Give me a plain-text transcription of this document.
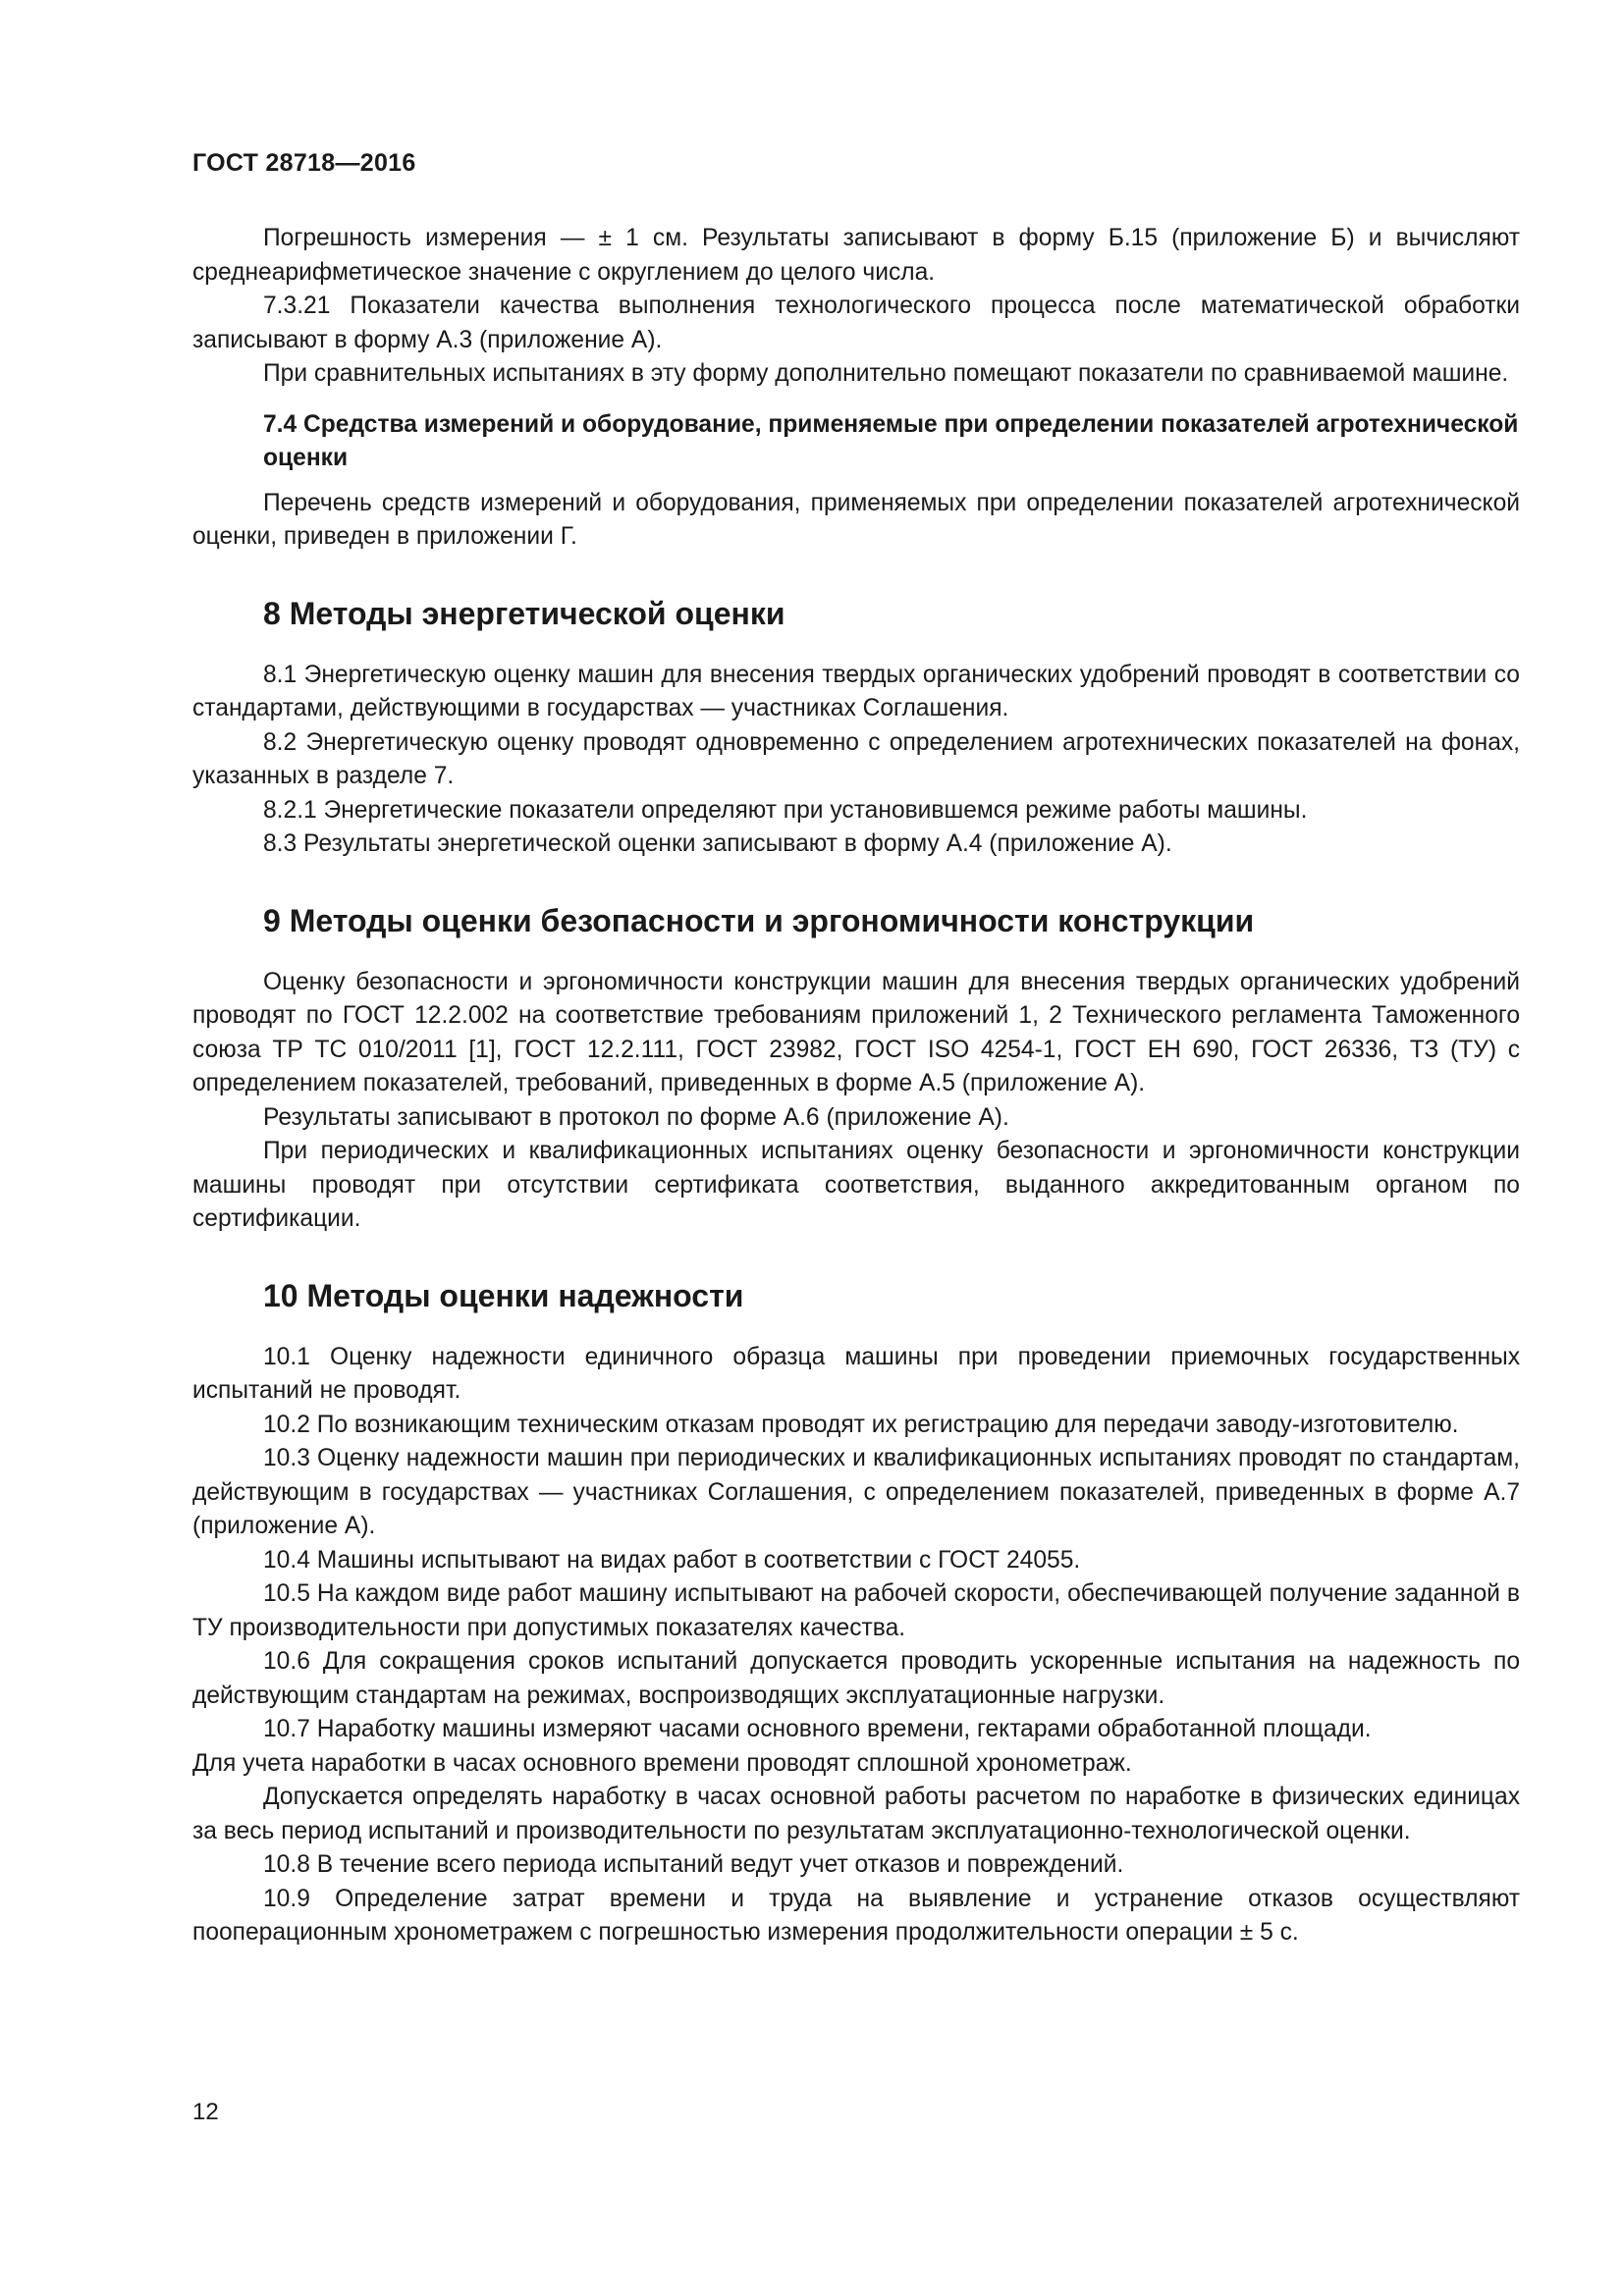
ГОСТ 28718—2016

Погрешность измерения — ± 1 см. Результаты записывают в форму Б.15 (приложение Б) и вычисляют среднеарифметическое значение с округлением до целого числа.

7.3.21 Показатели качества выполнения технологического процесса после математической обработки записывают в форму А.3 (приложение А).

При сравнительных испытаниях в эту форму дополнительно помещают показатели по сравниваемой машине.

7.4 Средства измерений и оборудование, применяемые при определении показателей агротехнической оценки

Перечень средств измерений и оборудования, применяемых при определении показателей агротехнической оценки, приведен в приложении Г.

8 Методы энергетической оценки

8.1 Энергетическую оценку машин для внесения твердых органических удобрений проводят в соответствии со стандартами, действующими в государствах — участниках Соглашения.

8.2 Энергетическую оценку проводят одновременно с определением агротехнических показателей на фонах, указанных в разделе 7.

8.2.1 Энергетические показатели определяют при установившемся режиме работы машины.

8.3 Результаты энергетической оценки записывают в форму А.4 (приложение А).

9 Методы оценки безопасности и эргономичности конструкции

Оценку безопасности и эргономичности конструкции машин для внесения твердых органических удобрений проводят по ГОСТ 12.2.002 на соответствие требованиям приложений 1, 2 Технического регламента Таможенного союза ТР ТС 010/2011 [1], ГОСТ 12.2.111, ГОСТ 23982, ГОСТ ISO 4254-1, ГОСТ EH 690, ГОСТ 26336, ТЗ (ТУ) с определением показателей, требований, приведенных в форме А.5 (приложение А).

Результаты записывают в протокол по форме А.6 (приложение А).

При периодических и квалификационных испытаниях оценку безопасности и эргономичности конструкции машины проводят при отсутствии сертификата соответствия, выданного аккредитованным органом по сертификации.

10 Методы оценки надежности

10.1 Оценку надежности единичного образца машины при проведении приемочных государственных испытаний не проводят.

10.2 По возникающим техническим отказам проводят их регистрацию для передачи заводу-изготовителю.

10.3 Оценку надежности машин при периодических и квалификационных испытаниях проводят по стандартам, действующим в государствах — участниках Соглашения, с определением показателей, приведенных в форме А.7 (приложение А).

10.4 Машины испытывают на видах работ в соответствии с ГОСТ 24055.

10.5 На каждом виде работ машину испытывают на рабочей скорости, обеспечивающей получение заданной в ТУ производительности при допустимых показателях качества.

10.6 Для сокращения сроков испытаний допускается проводить ускоренные испытания на надежность по действующим стандартам на режимах, воспроизводящих эксплуатационные нагрузки.

10.7 Наработку машины измеряют часами основного времени, гектарами обработанной площади.

Для учета наработки в часах основного времени проводят сплошной хронометраж.

Допускается определять наработку в часах основной работы расчетом по наработке в физических единицах за весь период испытаний и производительности по результатам эксплуатационно-технологической оценки.

10.8 В течение всего периода испытаний ведут учет отказов и повреждений.

10.9 Определение затрат времени и труда на выявление и устранение отказов осуществляют пооперационным хронометражем с погрешностью измерения продолжительности операции ± 5 с.

12
